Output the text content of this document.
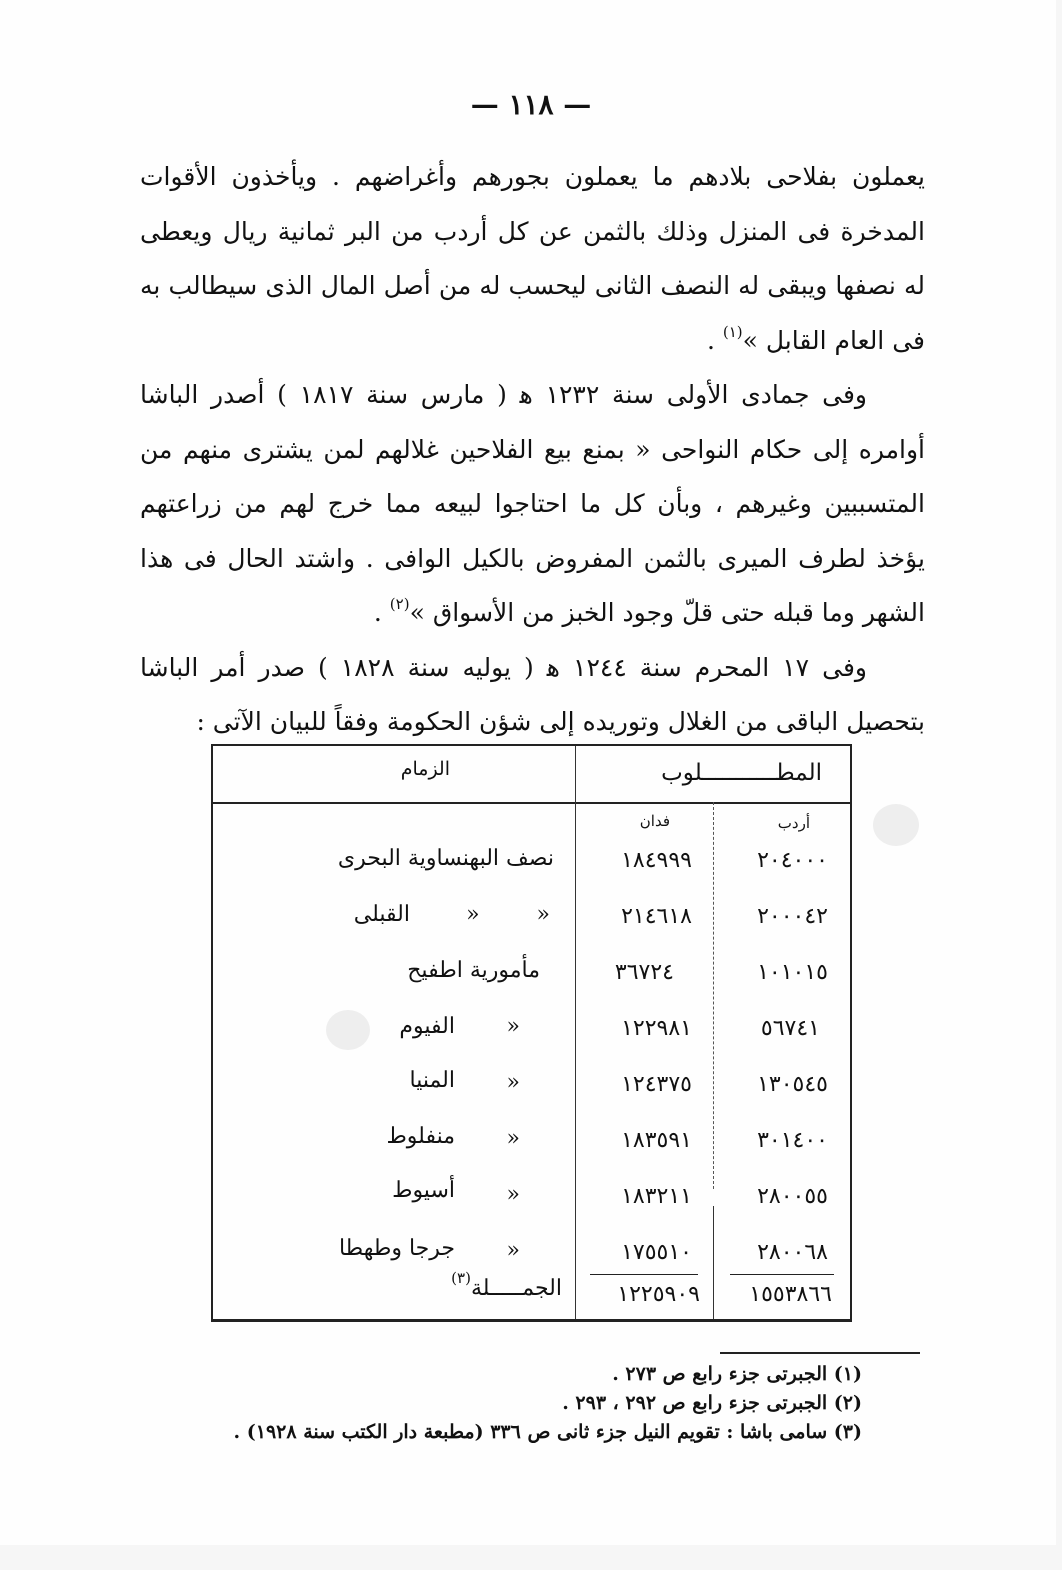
— ١١٨ —

يعملون بفلاحى بلادهم ما يعملون بجورهم وأغراضهم . ويأخذون الأقوات المدخرة فى المنزل وذلك بالثمن عن كل أردب من البر ثمانية ريال ويعطى له نصفها ويبقى له النصف الثانى ليحسب له من أصل المال الذى سيطالب به فى العام القابل »$^{(١)}$ .

وفى جمادى الأولى سنة ١٢٣٢ ﻫ ( مارس سنة ١٨١٧ ) أصدر الباشا أوامره إلى حكام النواحى « بمنع بيع الفلاحين غلالهم لمن يشترى منهم من المتسببين وغيرهم ، وبأن كل ما احتاجوا لبيعه مما خرج لهم من زراعتهم يؤخذ لطرف الميرى بالثمن المفروض بالكيل الوافى . واشتد الحال فى هذا الشهر وما قبله حتى قلّ وجود الخبز من الأسواق »$^{(٢)}$ .

وفى ١٧ المحرم سنة ١٢٤٤ ﻫ ( يوليه سنة ١٨٢٨ ) صدر أمر الباشا بتحصيل الباقى من الغلال وتوريده إلى شؤن الحكومة وفقاً للبيان الآتى :

المطـــــــــــلوب
الزمام
أردب
فدان
٢٠٤٠٠٠
١٨٤٩٩٩
نصف البهنساوية البحرى
٢٠٠٠٤٢
٢١٤٦١٨
« «
القبلى
١٠١٠١٥
٣٦٧٢٤
مأمورية اطفيح
٥٦٧٤١
١٢٢٩٨١
«
الفيوم
١٣٠٥٤٥
١٢٤٣٧٥
«
المنيا
٣٠١٤٠٠
١٨٣٥٩١
«
منفلوط
٢٨٠٠٥٥
١٨٣٢١١
«
أسيوط
٢٨٠٠٦٨
١٧٥٥١٠
«
جرجا وطهطا
١٥٥٣٨٦٦
١٢٢٥٩٠٩
الجمـــــلة$^{(٣)}$
(١) الجبرتى جزء رابع ص ٢٧٣ .
(٢) الجبرتى جزء رابع ص ٢٩٢ ، ٢٩٣ .
(٣) سامى باشا : تقويم النيل جزء ثانى ص ٣٣٦ (مطبعة دار الكتب سنة ١٩٢٨) .
